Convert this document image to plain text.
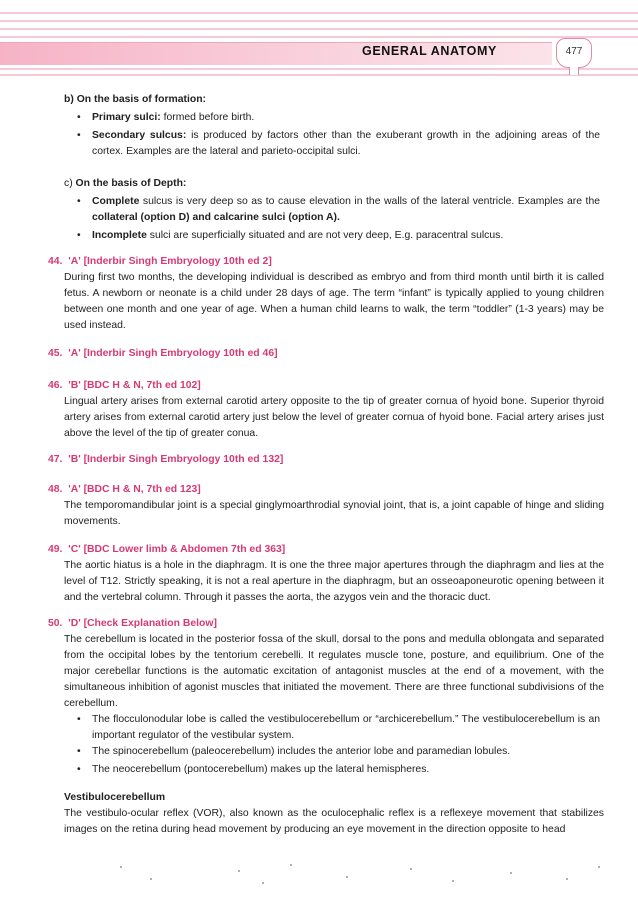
GENERAL ANATOMY	477
b) On the basis of formation:
• Primary sulci: formed before birth.
• Secondary sulcus: is produced by factors other than the exuberant growth in the adjoining areas of the cortex. Examples are the lateral and parieto-occipital sulci.
c) On the basis of Depth:
• Complete sulcus is very deep so as to cause elevation in the walls of the lateral ventricle. Examples are the collateral (option D) and calcarine sulci (option A).
• Incomplete sulci are superficially situated and are not very deep, E.g. paracentral sulcus.
44. 'A' [Inderbir Singh Embryology 10th ed 2]
During first two months, the developing individual is described as embryo and from third month until birth it is called fetus. A newborn or neonate is a child under 28 days of age. The term “infant” is typically applied to young children between one month and one year of age. When a human child learns to walk, the term “toddler” (1-3 years) may be used instead.
45. 'A' [Inderbir Singh Embryology 10th ed 46]
46. 'B' [BDC H & N, 7th ed 102]
Lingual artery arises from external carotid artery opposite to the tip of greater cornua of hyoid bone. Superior thyroid artery arises from external carotid artery just below the level of greater cornua of hyoid bone. Facial artery arises just above the level of the tip of greater conua.
47. 'B' [Inderbir Singh Embryology 10th ed 132]
48. 'A' [BDC H & N, 7th ed 123]
The temporomandibular joint is a special ginglymoarthrodial synovial joint, that is, a joint capable of hinge and sliding movements.
49. 'C' [BDC Lower limb & Abdomen 7th ed 363]
The aortic hiatus is a hole in the diaphragm. It is one the three major apertures through the diaphragm and lies at the level of T12. Strictly speaking, it is not a real aperture in the diaphragm, but an osseoaponeurotic opening between it and the vertebral column. Through it passes the aorta, the azygos vein and the thoracic duct.
50. 'D' [Check Explanation Below]
The cerebellum is located in the posterior fossa of the skull, dorsal to the pons and medulla oblongata and separated from the occipital lobes by the tentorium cerebelli. It regulates muscle tone, posture, and equilibrium. One of the major cerebellar functions is the automatic excitation of antagonist muscles at the end of a movement, with the simultaneous inhibition of agonist muscles that initiated the movement. There are three functional subdivisions of the cerebellum.
• The flocculonodular lobe is called the vestibulocerebellum or “archicerebellum.” The vestibulocerebellum is an important regulator of the vestibular system.
• The spinocerebellum (paleocerebellum) includes the anterior lobe and paramedian lobules.
• The neocerebellum (pontocerebellum) makes up the lateral hemispheres.
Vestibulocerebellum
The vestibulo-ocular reflex (VOR), also known as the oculocephalic reflex is a reflexeye movement that stabilizes images on the retina during head movement by producing an eye movement in the direction opposite to head
